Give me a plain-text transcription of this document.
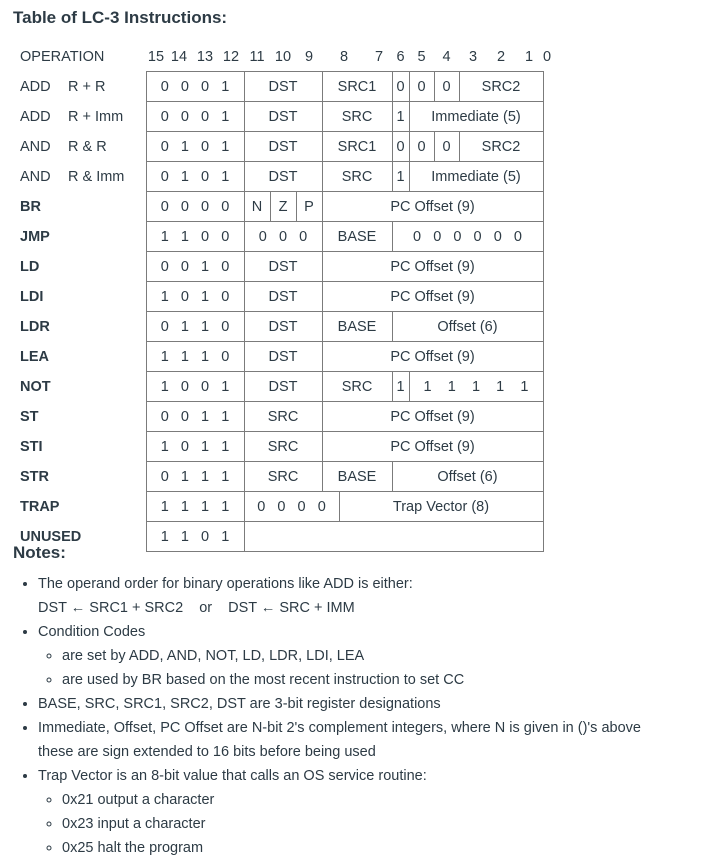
Table of LC-3 Instructions:
OPERATION		15	14	13	12	11	10	9	8		7	6	5	4	3	2	1	0
ADD	R + R	0 0 0 1				DST			SRC1			0	0	0	SRC2			
ADD	R + Imm	0 0 0 1				DST			SRC			1	Immediate (5)					
AND	R & R	0 1 0 1				DST			SRC1			0	0	0	SRC2			
AND	R & Imm	0 1 0 1				DST			SRC			1	Immediate (5)					
BR		0 0 0 0				N	Z	P	PC Offset (9)									
JMP		1 1 0 0				0 0 0			BASE			0 0 0 0 0 0						
LD		0 0 1 0				DST			PC Offset (9)									
LDI		1 0 1 0				DST			PC Offset (9)									
LDR		0 1 1 0				DST			BASE			Offset (6)						
LEA		1 1 1 0				DST			PC Offset (9)									
NOT		1 0 0 1				DST			SRC			1	1 1 1 1 1					
ST		0 0 1 1				SRC			PC Offset (9)									
STI		1 0 1 1				SRC			PC Offset (9)									
STR		0 1 1 1				SRC			BASE			Offset (6)						
TRAP		1 1 1 1				0 0 0 0				Trap Vector (8)								
UNUSED		1 1 0 1																
Notes:
• The operand order for binary operations like ADD is either:
DST ← SRC1 + SRC2 or DST ← SRC + IMM
• Condition Codes
◦ are set by ADD, AND, NOT, LD, LDR, LDI, LEA
◦ are used by BR based on the most recent instruction to set CC
• BASE, SRC, SRC1, SRC2, DST are 3-bit register designations
• Immediate, Offset, PC Offset are N-bit 2's complement integers, where N is given in ()'s above
these are sign extended to 16 bits before being used
• Trap Vector is an 8-bit value that calls an OS service routine:
◦ 0x21 output a character
◦ 0x23 input a character
◦ 0x25 halt the program
